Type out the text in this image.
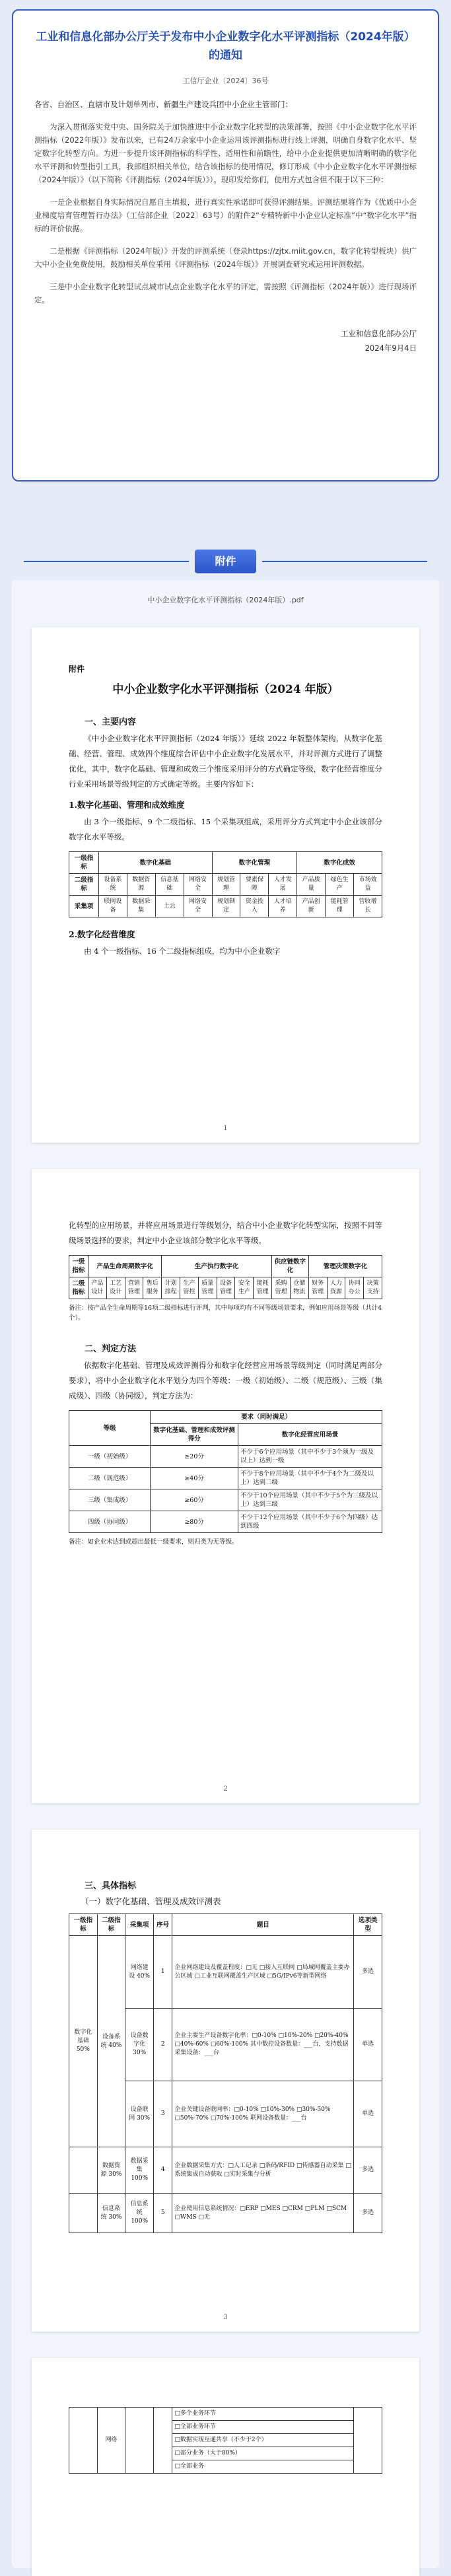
工业和信息化部办公厅关于发布中小企业数字化水平评测指标（2024年版）的通知
工信厅企业〔2024〕36号
各省、自治区、直辖市及计划单列市、新疆生产建设兵团中小企业主管部门：

为深入贯彻落实党中央、国务院关于加快推进中小企业数字化转型的决策部署，按照《中小企业数字化水平评测指标（2022年版）》发布以来，已有24万余家中小企业运用该评测指标进行线上评测，明确自身数字化水平、坚定数字化转型方向。为进一步提升该评测指标的科学性、适用性和前瞻性，给中小企业提供更加清晰明确的数字化水平评测和转型指引工具，我部组织相关单位，结合该指标的使用情况，修订形成《中小企业数字化水平评测指标（2024年版）》（以下简称《评测指标（2024年版）》）。现印发给你们，使用方式包含但不限于以下三种：

一是企业根据自身实际情况自愿自主填报，进行真实性承诺即可获得评测结果。评测结果将作为《优质中小企业梯度培育管理暂行办法》（工信部企业〔2022〕63号）的附件2“专精特新中小企业认定标准”中“数字化水平”指标的评价依据。

二是根据《评测指标（2024年版）》开发的评测系统（登录https://zjtx.miit.gov.cn，数字化转型板块）供广大中小企业免费使用，鼓励相关单位采用《评测指标（2024年版）》开展调查研究或运用评测数据。

三是中小企业数字化转型试点城市试点企业数字化水平的评定，需按照《评测指标（2024年版）》进行现场评定。

工业和信息化部办公厅
2024年9月4日
附件
中小企业数字化水平评测指标（2024年版）.pdf
附件
中小企业数字化水平评测指标（2024 年版）
一、主要内容

《中小企业数字化水平评测指标（2024 年版）》延续 2022 年版整体架构，从数字化基础、经营、管理、成效四个维度综合评估中小企业数字化发展水平，并对评测方式进行了调整优化，其中，数字化基础、管理和成效三个维度采用评分的方式确定等级，数字化经营维度分行业采用场景等级判定的方式确定等级。主要内容如下：

1.数字化基础、管理和成效维度

由 3 个一级指标、9 个二级指标、15 个采集项组成，采用评分方式判定中小企业该部分数字化水平等级。

一级指标	数字化基础				数字化管理			数字化成效		
二级指标	设备系统	数据资源	信息基础	网络安全	规划管理	要素保障	人才发展	产品质量	绿色生产	市场效益
采集项	联网设备	数据采集	上云	网络安全	规划制定	资金投入	人才培养	产品创新	能耗管理	营收增长
2.数字化经营维度

由 4 个一级指标、16 个二级指标组成，均为中小企业数字

1

化转型的应用场景，并将应用场景进行等级划分，结合中小企业数字化转型实际，按照不同等级场景选择的要求，判定中小企业该部分数字化水平等级。

一级指标	产品生命周期数字化				生产执行数字化						供应链数字化		管理决策数字化			
二级指标	产品设计	工艺设计	营销管理	售后服务	计划排程	生产管控	质量管理	设备管理	安全生产	能耗管理	采购管理	仓储物流	财务管理	人力资源	协同办公	决策支持
备注：按产品全生命周期等16项二级指标进行评判，其中每项均有不同等级场景要求，例如应用场景等级（共计4个）。
二、判定方法

依据数字化基础、管理及成效评测得分和数字化经营应用场景等级判定（同时满足两部分要求），将中小企业数字化水平划分为四个等级：一级（初始级）、二级（规范级）、三级（集成级）、四级（协同级），判定方法为：

等级	要求（同时满足）	
	数字化基础、管理和成效评测得分	数字化经营应用场景
一级（初始级）	≥20分	不少于6个应用场景（其中不少于3个须为一级及以上）达到一级
二级（规范级）	≥40分	不少于8个应用场景（其中不少于4个为二级及以上）达到二级
三级（集成级）	≥60分	不少于10个应用场景（其中不少于5个为三级及以上）达到三级
四级（协同级）	≥80分	不少于12个应用场景（其中不少于6个为四级）达到四级
备注：如企业未达到或超出最低一级要求，则归类为无等级。
2
三、具体指标
（一）数字化基础、管理及成效评测表
一级指标	二级指标	采集项	序号	题目	选项类型
数字化基础 50%	设备系统 40%	网络建设 40%	1	企业网络建设及覆盖程度：□无 □接入互联网 □局域网覆盖主要办公区域 □工业互联网覆盖生产区域 □5G/IPv6等新型网络	多选
		设备数字化 30%	2	企业主要生产设备数字化率：□0-10% □10%-20% □20%-40% □40%-60% □60%-100% 其中数控设备数量：___台，支持数据采集设备：___台	单选
		设备联网 30%	3	企业关键设备联网率：□0-10% □10%-30% □30%-50% □50%-70% □70%-100% 联网设备数量：___台	单选
	数据资源 30%	数据采集 100%	4	企业数据采集方式：□人工记录 □条码/RFID □传感器自动采集 □系统集成自动获取 □实时采集与分析	多选
	信息系统 30%	信息系统 100%	5	企业使用信息系统情况：□ERP □MES □CRM □PLM □SCM □WMS □无	多选
3
	网络			□多个业务环节	
□全部业务环节
□数据实现互通共享（不少于2个）
□部分业务（大于80%）
□全部业务
